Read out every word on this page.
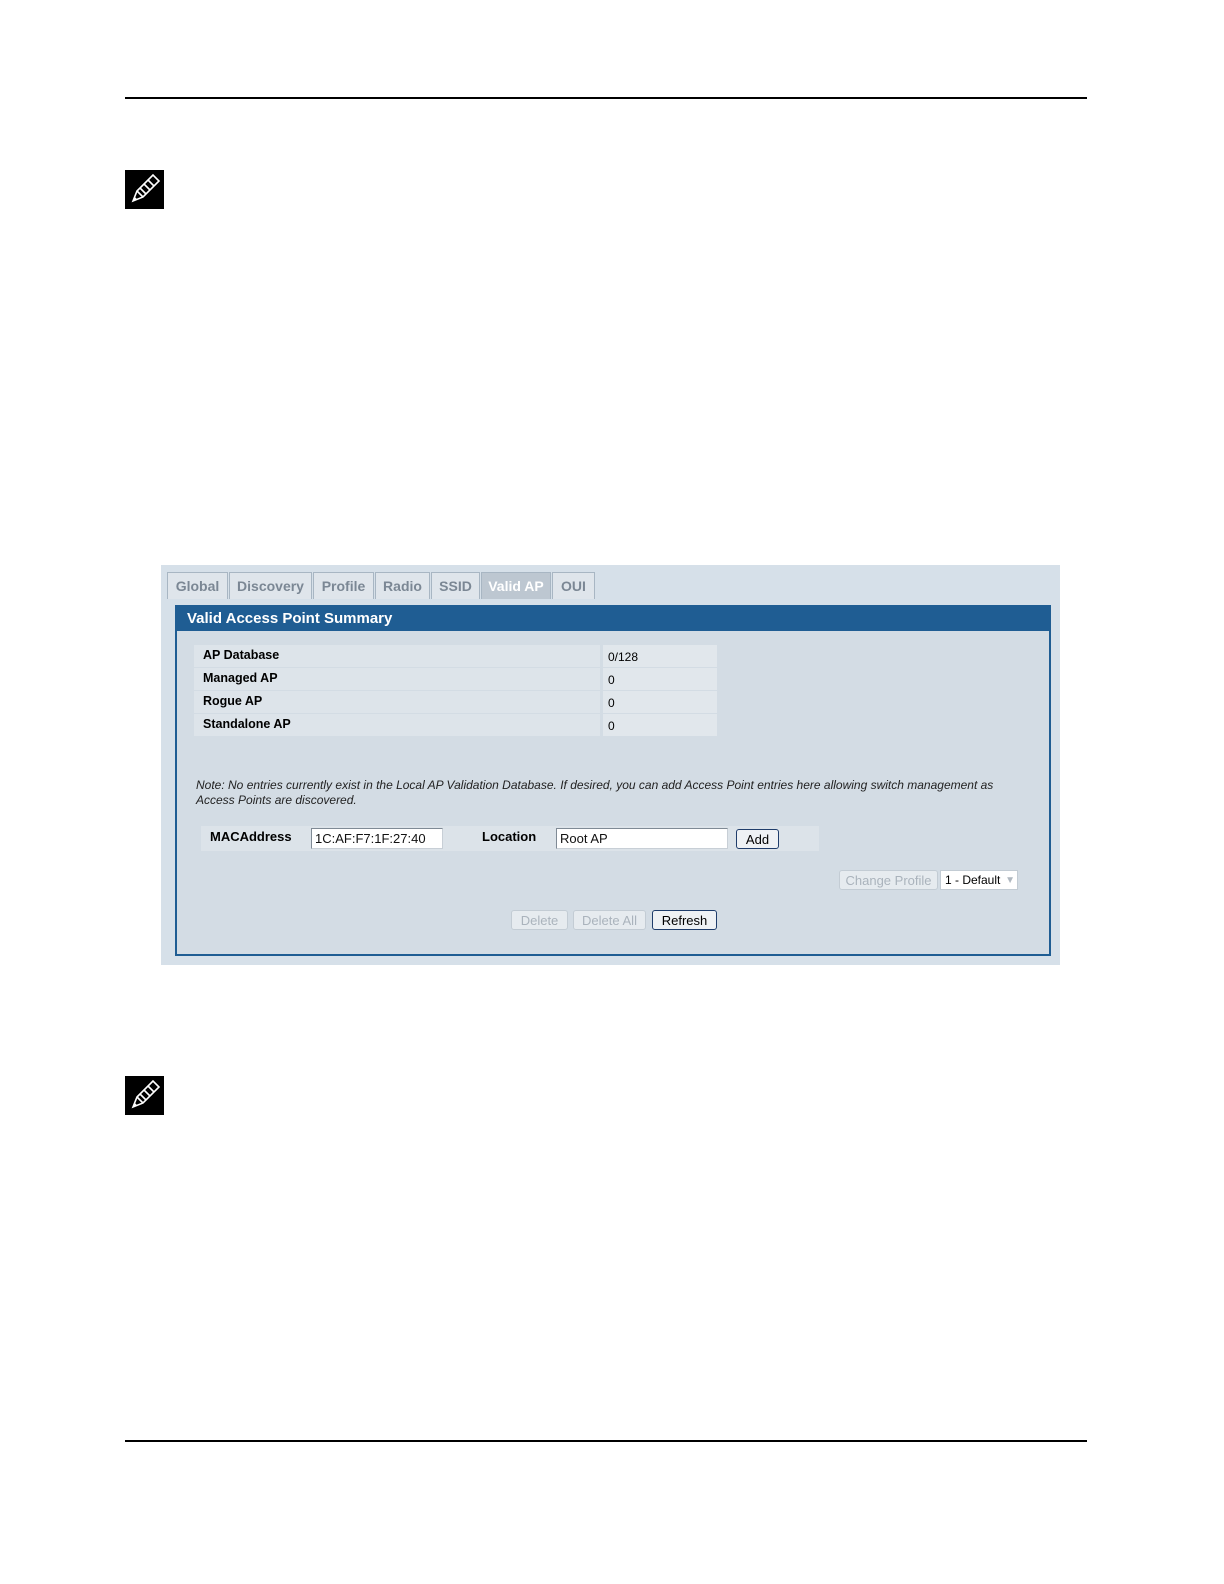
Global	Discovery	Profile	Radio	SSID	Valid AP	OUI
Valid Access Point Summary
AP Database	0/128
Managed AP	0
Rogue AP	0
Standalone AP	0
Note: No entries currently exist in the Local AP Validation Database. If desired, you can add Access Point entries here allowing switch management as Access Points are discovered.
MACAddress	1C:AF:F7:1F:27:40	Location	Root AP	Add
Change Profile	1 - Default ▼
Delete	Delete All	Refresh
